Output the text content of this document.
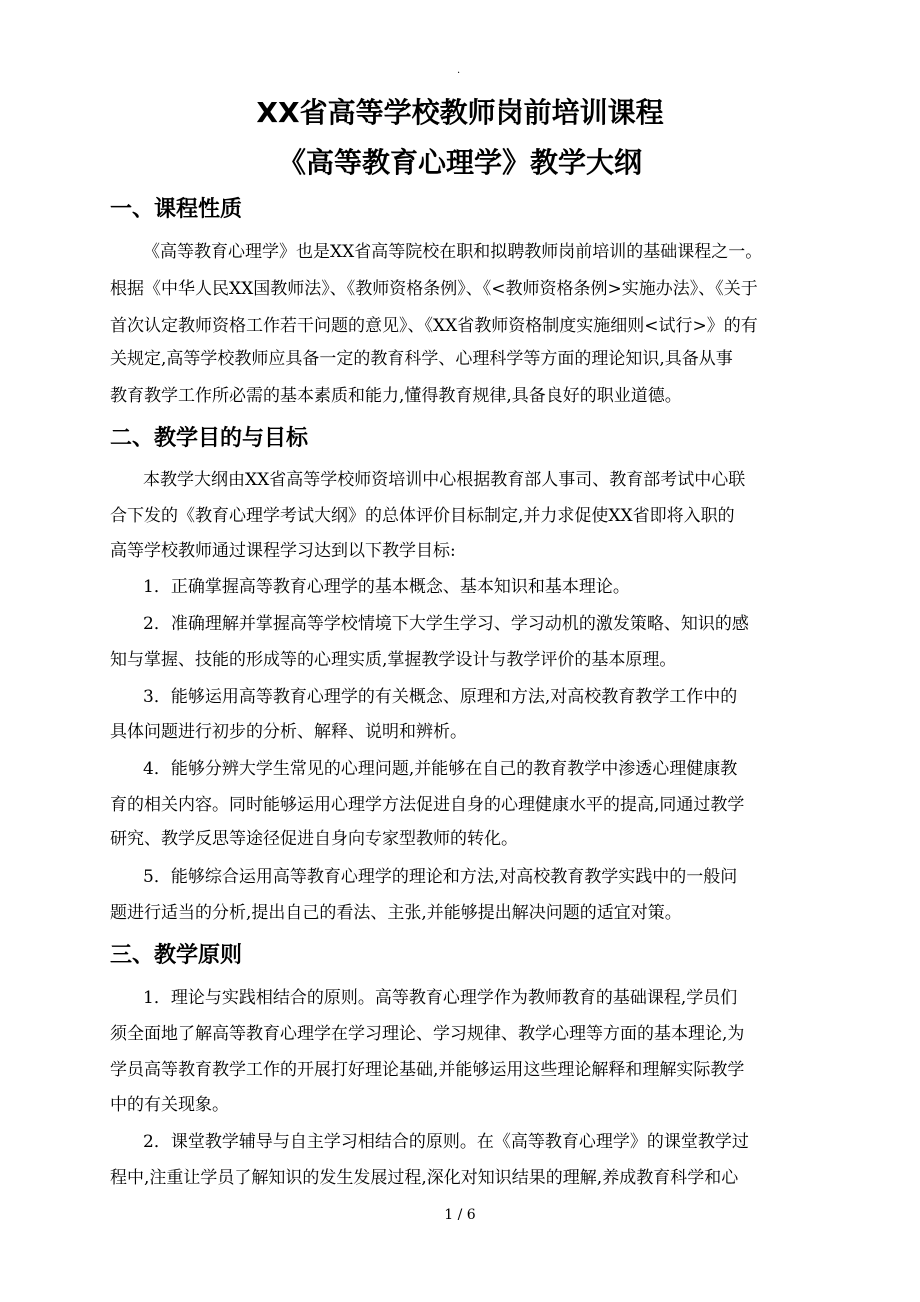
.
XX省高等学校教师岗前培训课程
《高等教育心理学》教学大纲
一、课程性质
《高等教育心理学》也是XX省高等院校在职和拟聘教师岗前培训的基础课程之一。
根据《中华人民XX国教师法》、《教师资格条例》、《<教师资格条例>实施办法》、《关于
首次认定教师资格工作若干问题的意见》、《XX省教师资格制度实施细则<试行>》的有
关规定,高等学校教师应具备一定的教育科学、心理科学等方面的理论知识,具备从事
教育教学工作所必需的基本素质和能力,懂得教育规律,具备良好的职业道德。
二、教学目的与目标
本教学大纲由XX省高等学校师资培训中心根据教育部人事司、教育部考试中心联
合下发的《教育心理学考试大纲》的总体评价目标制定,并力求促使XX省即将入职的
高等学校教师通过课程学习达到以下教学目标:
1．正确掌握高等教育心理学的基本概念、基本知识和基本理论。
2．准确理解并掌握高等学校情境下大学生学习、学习动机的激发策略、知识的感
知与掌握、技能的形成等的心理实质,掌握教学设计与教学评价的基本原理。
3．能够运用高等教育心理学的有关概念、原理和方法,对高校教育教学工作中的
具体问题进行初步的分析、解释、说明和辨析。
4．能够分辨大学生常见的心理问题,并能够在自己的教育教学中渗透心理健康教
育的相关内容。同时能够运用心理学方法促进自身的心理健康水平的提高,同通过教学
研究、教学反思等途径促进自身向专家型教师的转化。
5．能够综合运用高等教育心理学的理论和方法,对高校教育教学实践中的一般问
题进行适当的分析,提出自己的看法、主张,并能够提出解决问题的适宜对策。
三、教学原则
1．理论与实践相结合的原则。高等教育心理学作为教师教育的基础课程,学员们
须全面地了解高等教育心理学在学习理论、学习规律、教学心理等方面的基本理论,为
学员高等教育教学工作的开展打好理论基础,并能够运用这些理论解释和理解实际教学
中的有关现象。
2．课堂教学辅导与自主学习相结合的原则。在《高等教育心理学》的课堂教学过
程中,注重让学员了解知识的发生发展过程,深化对知识结果的理解,养成教育科学和心
1 / 6
